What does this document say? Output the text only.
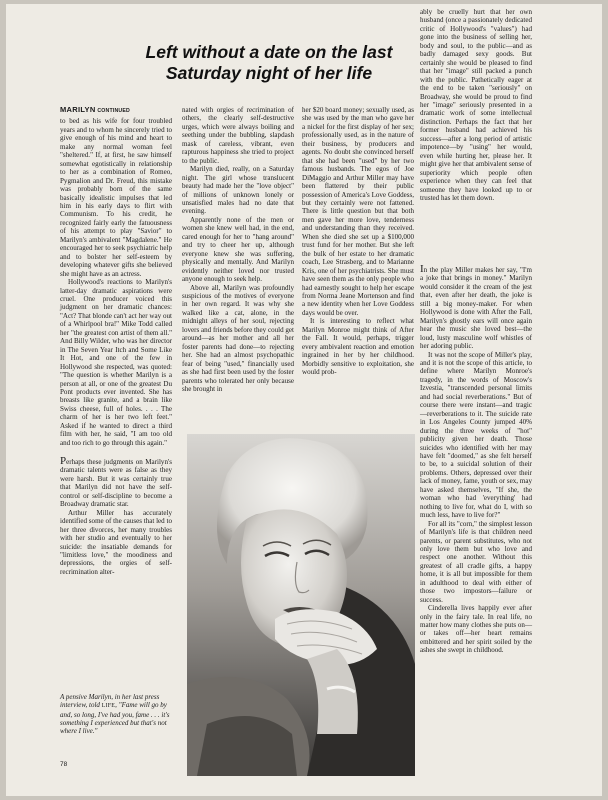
Left without a date on the last
Saturday night of her life

MARILYN CONTINUED

to bed as his wife for four troubled years and to whom he sincerely tried to give enough of his mind and heart to make any normal woman feel "sheltered." If, at first, he saw himself somewhat egotistically in relationship to her as a combination of Romeo, Pygmalion and Dr. Freud, this mistake was probably born of the same basically idealistic impulses that led him in his early days to flirt with Communism. To his credit, he recognized fairly early the fatuousness of his attempt to play "Savior" to Marilyn's ambivalent "Magdalene." He encouraged her to seek psychiatric help and to bolster her self-esteem by developing whatever gifts she believed she might have as an actress.

Hollywood's reactions to Marilyn's latter-day dramatic aspirations were cruel. One producer voiced this judgment on her dramatic chances: "Act? That blonde can't act her way out of a Whirlpool bra!" Mike Todd called her "the greatest con artist of them all." And Billy Wilder, who was her director in The Seven Year Itch and Some Like It Hot, and one of the few in Hollywood she respected, was quoted: "The question is whether Marilyn is a person at all, or one of the greatest Du Pont products ever invented. She has breasts like granite, and a brain like Swiss cheese, full of holes. . . . The charm of her is her two left feet." Asked if he wanted to direct a third film with her, he said, "I am too old and too rich to go through this again."

Perhaps these judgments on Marilyn's dramatic talents were as false as they were harsh. But it was certainly true that Marilyn did not have the self-control or self-discipline to become a Broadway dramatic star.

Arthur Miller has accurately identified some of the causes that led to her three divorces, her many troubles with her studio and eventually to her suicide: the insatiable demands for "limitless love," the moodiness and depressions, the orgies of self-recrimination alter-

nated with orgies of recrimination of others, the clearly self-destructive urges, which were always boiling and seething under the bubbling, slapdash mask of careless, vibrant, even rapturous happiness she tried to project to the public.

Marilyn died, really, on a Saturday night. The girl whose translucent beauty had made her the "love object" of millions of unknown lonely or unsatisfied males had no date that evening.

Apparently none of the men or women she knew well had, in the end, cared enough for her to "hang around" and try to cheer her up, although everyone knew she was suffering, physically and mentally. And Marilyn evidently neither loved nor trusted anyone enough to seek help.

Above all, Marilyn was profoundly suspicious of the motives of everyone in her own regard. It was why she walked like a cat, alone, in the midnight alleys of her soul, rejecting lovers and friends before they could get around—as her mother and all her foster parents had done—to rejecting her. She had an almost psychopathic fear of being "used," financially used as she had first been used by the foster parents who tolerated her only because she brought in

her $20 board money; sexually used, as she was used by the man who gave her a nickel for the first display of her sex; professionally used, as in the nature of their business, by producers and agents. No doubt she convinced herself that she had been "used" by her two famous husbands. The egos of Joe DiMaggio and Arthur Miller may have been flattered by their public possession of America's Love Goddess, but they certainly were not fattened. There is little question but that both men gave her more love, tenderness and understanding than they received. When she died she set up a $100,000 trust fund for her mother. But she left the bulk of her estate to her dramatic coach, Lee Strasberg, and to Marianne Kris, one of her psychiatrists. She must have seen them as the only people who had earnestly sought to help her escape from Norma Jeane Mortenson and find a new identity when her Love Goddess days would be over.

It is interesting to reflect what Marilyn Monroe might think of After the Fall. It would, perhaps, trigger every ambivalent reaction and emotion ingrained in her by her childhood. Morbidly sensitive to exploitation, she would prob-

ably be cruelly hurt that her own husband (once a passionately dedicated critic of Hollywood's "values") had gone into the business of selling her, body and soul, to the public—and as badly damaged sexy goods. But certainly she would be pleased to find that her "image" still packed a punch with the public. Pathetically eager at the end to be taken "seriously" on Broadway, she would be proud to find her "image" seriously presented in a dramatic work of some intellectual distinction. Perhaps the fact that her former husband had achieved his success—after a long period of artistic impotence—by "using" her would, even while hurting her, please her. It might give her that ambivalent sense of superiority which people often experience when they can feel that someone they have looked up to or trusted has let them down.

In the play Miller makes her say, "I'm a joke that brings in money." Marilyn would consider it the cream of the jest that, even after her death, the joke is still a big money-maker. For when Hollywood is done with After the Fall, Marilyn's ghostly ears will once again hear the music she loved best—the loud, lusty masculine wolf whistles of her adoring public.

It was not the scope of Miller's play, and it is not the scope of this article, to define where Marilyn Monroe's tragedy, in the words of Moscow's Izvestia, "transcended personal limits and had social reverberations." But of course there were instant—and tragic—reverberations to it. The suicide rate in Los Angeles County jumped 40% during the three weeks of "hot" publicity given her death. Those suicides who identified with her may have felt "doomed," as she felt herself to be, to a suicidal solution of their problems. Others, depressed over their lack of money, fame, youth or sex, may have asked themselves, "If she, the woman who had 'everything' had nothing to live for, what do I, with so much less, have to live for?"

For all its "corn," the simplest lesson of Marilyn's life is that children need parents, or parent substitutes, who not only love them but who love and respect one another. Without this greatest of all cradle gifts, a happy home, it is all but impossible for them in adulthood to deal with either of those two impostors—failure or success.

Cinderella lives happily ever after only in the fairy tale. In real life, no matter how many clothes she puts on—or takes off—her heart remains embittered and her spirit soiled by the ashes she swept in childhood.

A pensive Marilyn, in her last press interview, told LIFE, "Fame will go by and, so long, I've had you, fame . . . it's something I experienced but that's not where I live."
78
